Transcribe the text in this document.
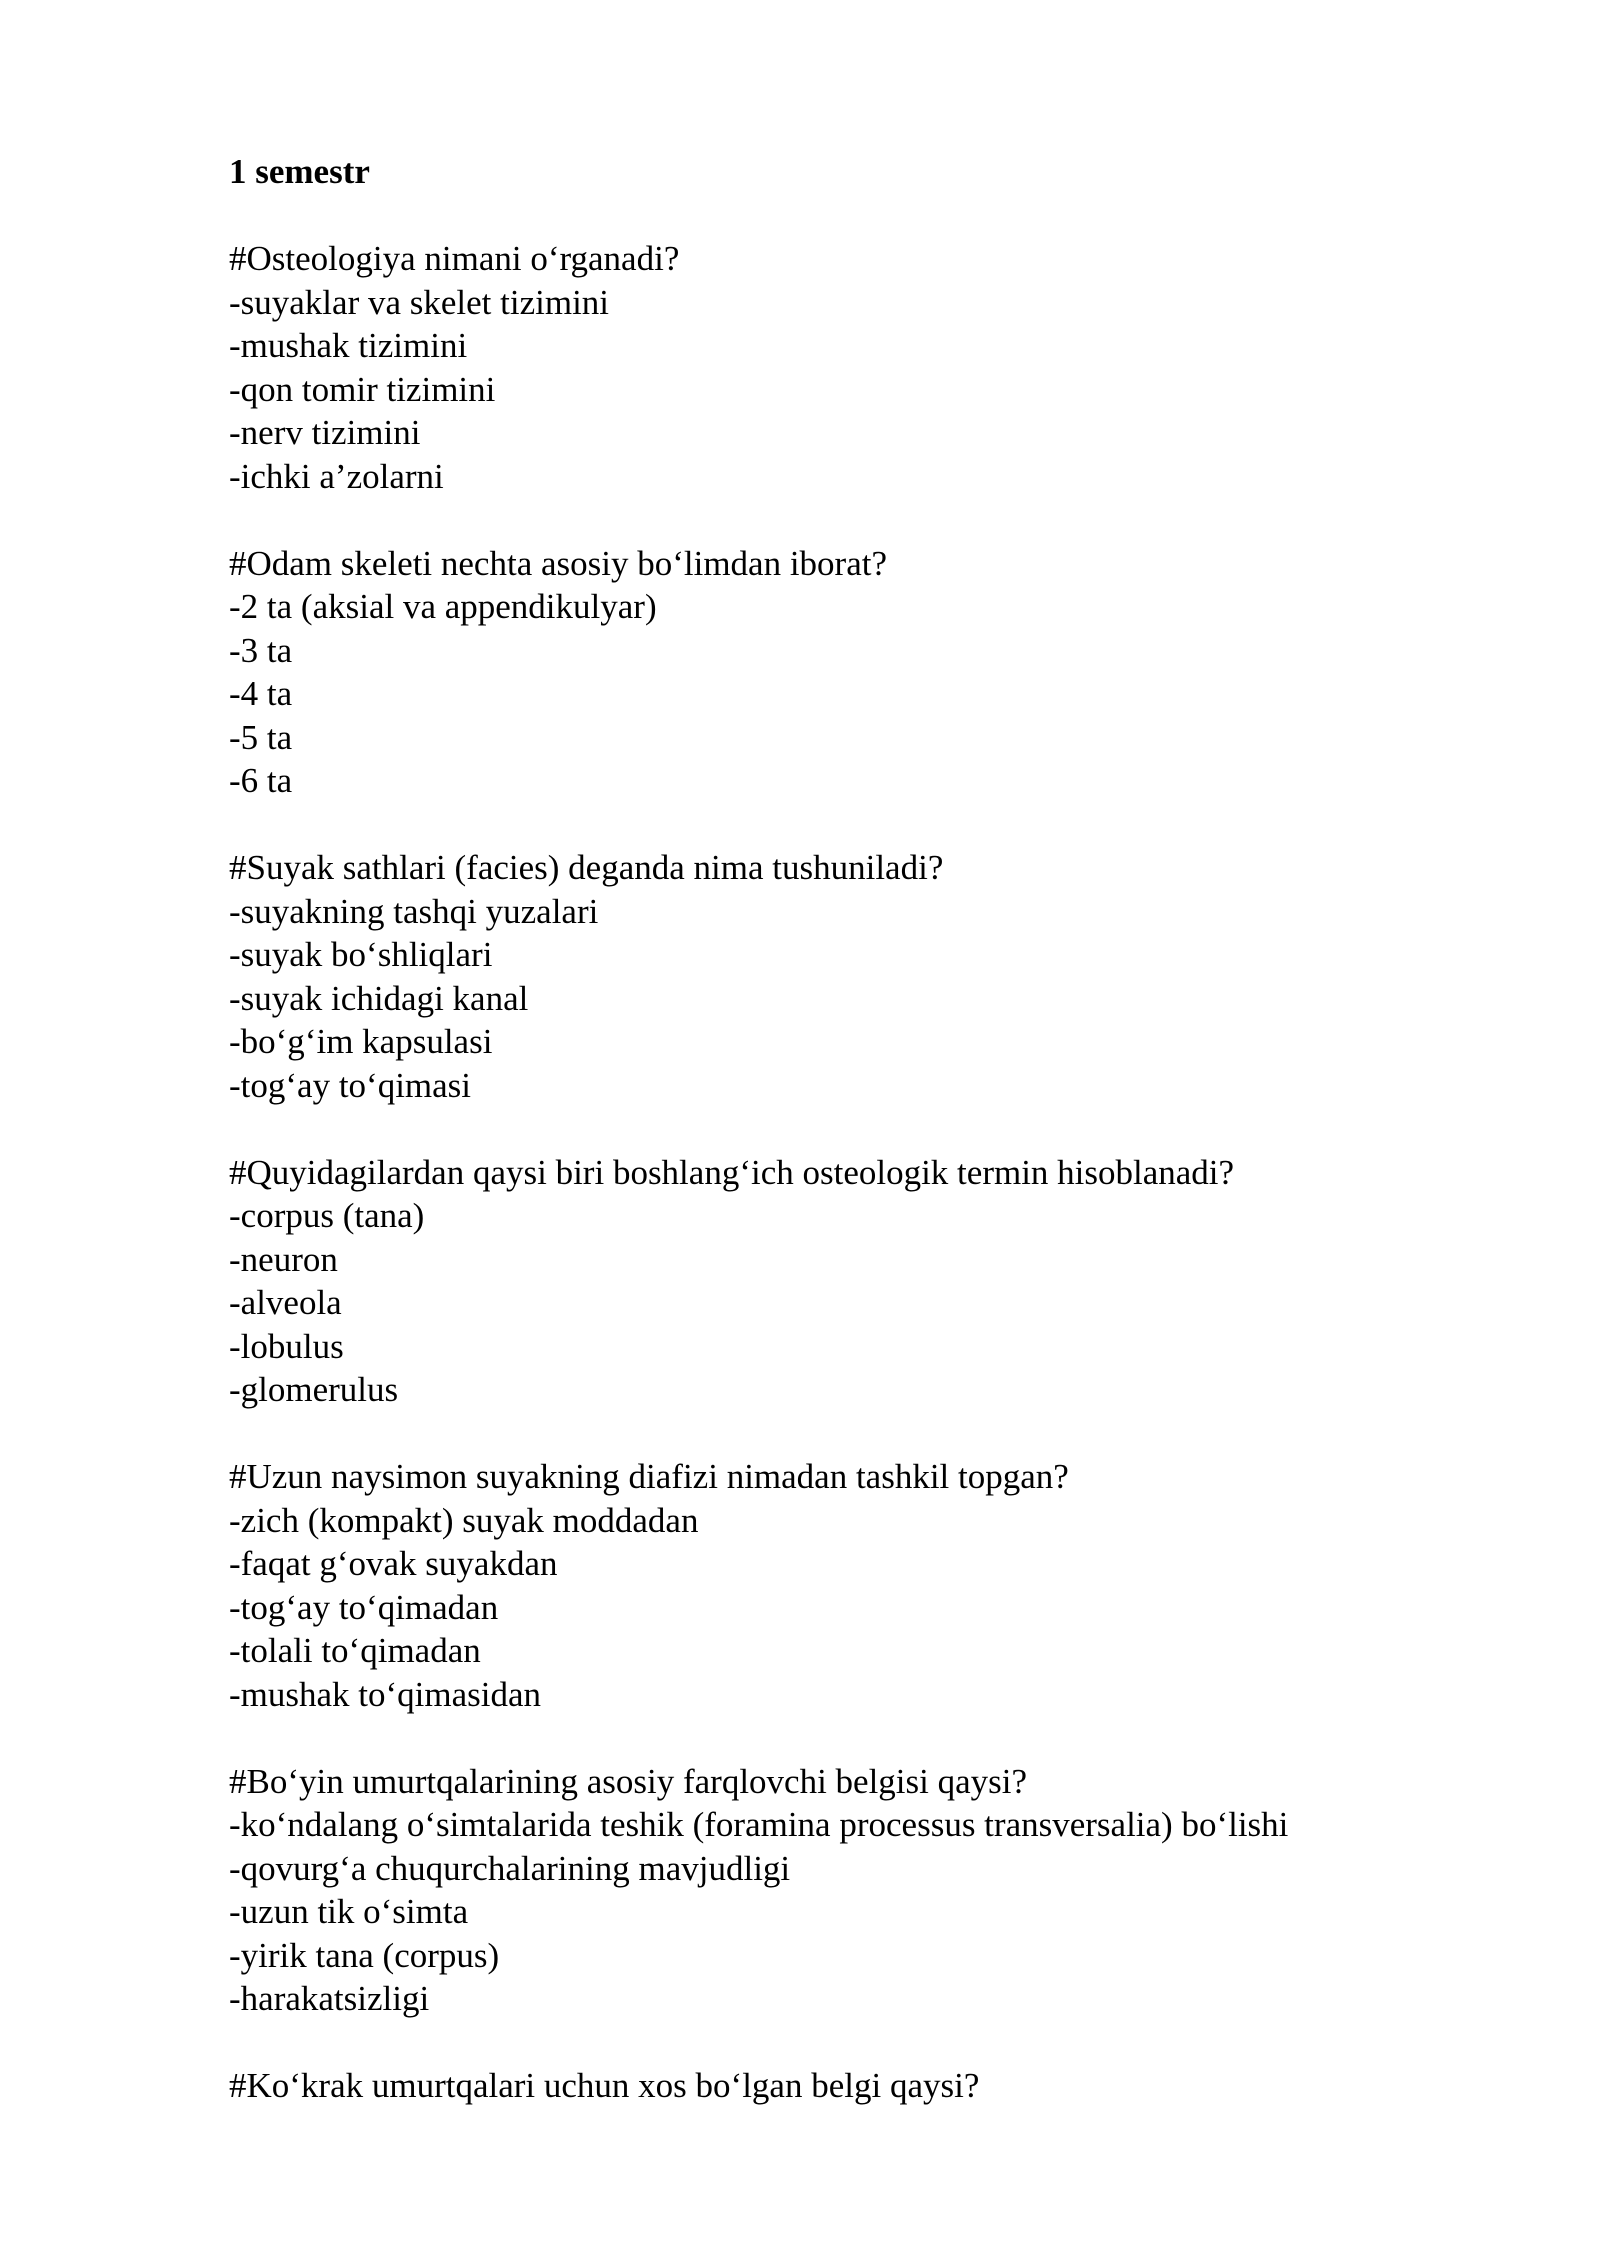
1 semestr
#Osteologiya nimani o‘rganadi?
-suyaklar va skelet tizimini
-mushak tizimini
-qon tomir tizimini
-nerv tizimini
-ichki a’zolarni
#Odam skeleti nechta asosiy bo‘limdan iborat?
-2 ta (aksial va appendikulyar)
-3 ta
-4 ta
-5 ta
-6 ta
#Suyak sathlari (facies) deganda nima tushuniladi?
-suyakning tashqi yuzalari
-suyak bo‘shliqlari
-suyak ichidagi kanal
-bo‘g‘im kapsulasi
-tog‘ay to‘qimasi
#Quyidagilardan qaysi biri boshlang‘ich osteologik termin hisoblanadi?
-corpus (tana)
-neuron
-alveola
-lobulus
-glomerulus
#Uzun naysimon suyakning diafizi nimadan tashkil topgan?
-zich (kompakt) suyak moddadan
-faqat g‘ovak suyakdan
-tog‘ay to‘qimadan
-tolali to‘qimadan
-mushak to‘qimasidan
#Bo‘yin umurtqalarining asosiy farqlovchi belgisi qaysi?
-ko‘ndalang o‘simtalarida teshik (foramina processus transversalia) bo‘lishi
-qovurg‘a chuqurchalarining mavjudligi
-uzun tik o‘simta
-yirik tana (corpus)
-harakatsizligi
#Ko‘krak umurtqalari uchun xos bo‘lgan belgi qaysi?
